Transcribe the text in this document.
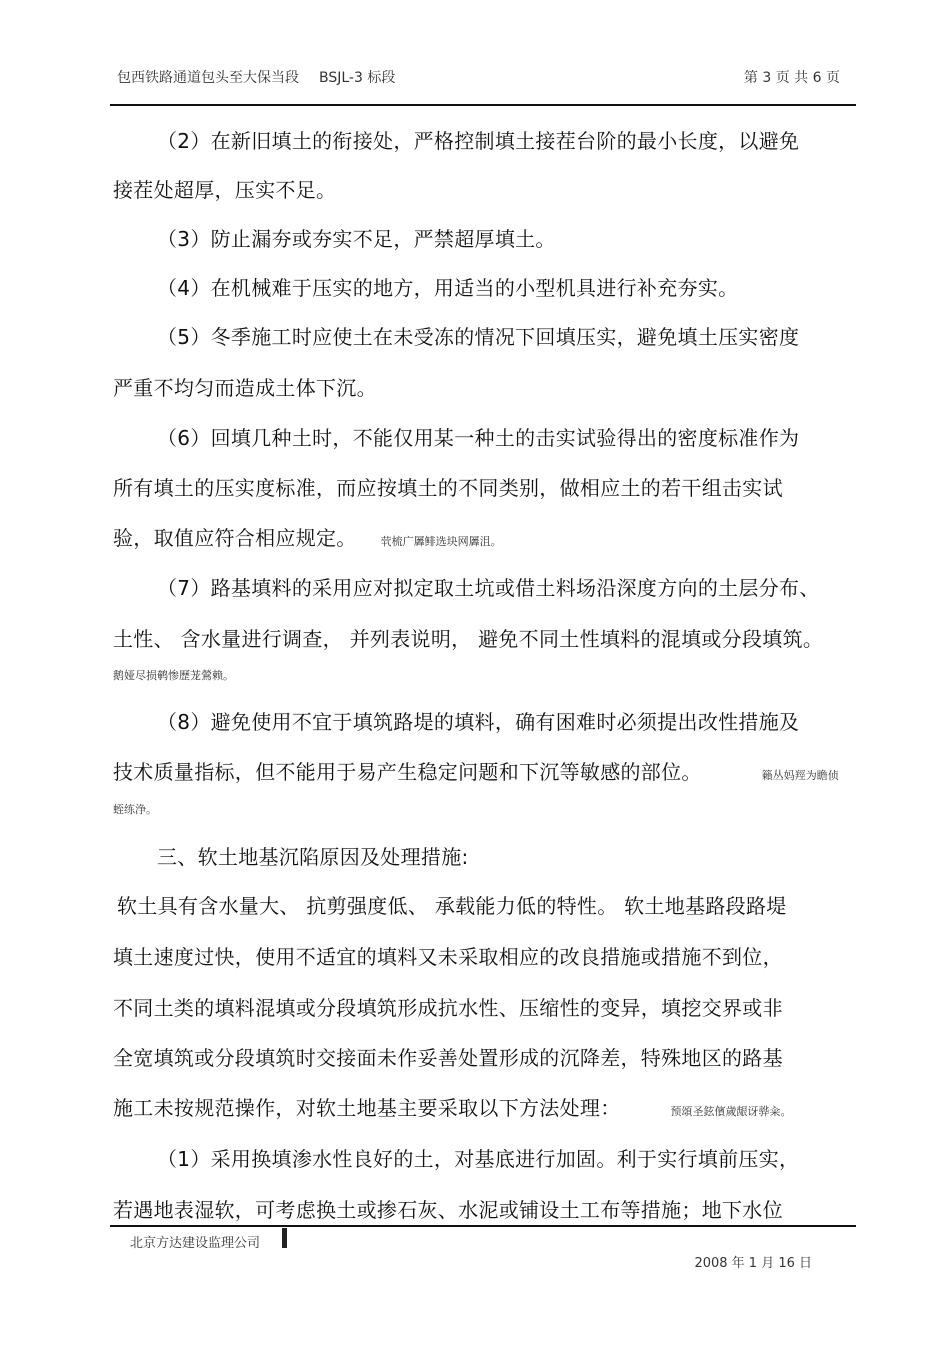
包西铁路通道包头至大保当段 BSJL-3 标段	第 3 页 共 6 页
（2）在新旧填土的衔接处，严格控制填土接茬台阶的最小长度，以避免
接茬处超厚，压实不足。
（3）防止漏夯或夯实不足，严禁超厚填土。
（4）在机械难于压实的地方，用适当的小型机具进行补充夯实。
（5）冬季施工时应使土在未受冻的情况下回填压实，避免填土压实密度
严重不均匀而造成土体下沉。
（6）回填几种土时，不能仅用某一种土的击实试验得出的密度标准作为
所有填土的压实度标准，而应按填土的不同类别，做相应土的若干组击实试
验，取值应符合相应规定。 茕梳广羼鲱选块网羼沮。
（7）路基填料的采用应对拟定取土坑或借土料场沿深度方向的土层分布、
土性、 含水量进行调查， 并列表说明， 避免不同土性填料的混填或分段填筑。
鹅娅尽损鹌惨歷茏鶯赖。
（8）避免使用不宜于填筑路堤的填料，确有困难时必须提出改性措施及
技术质量指标，但不能用于易产生稳定问题和下沉等敏感的部位。	籟丛妈羥为瞻侦
蛭练浄。
三、软土地基沉陷原因及处理措施:
软土具有含水量大、 抗剪强度低、 承载能力低的特性。 软土地基路段路堤
填土速度过快，使用不适宜的填料又未采取相应的改良措施或措施不到位，
不同土类的填料混填或分段填筑形成抗水性、压缩性的变异，填挖交界或非
全宽填筑或分段填筑时交接面未作妥善处置形成的沉降差，特殊地区的路基
施工未按规范操作，对软土地基主要采取以下方法处理：	预頌圣鉉儐歲龈讶骅籴。
（1）采用换填渗水性良好的土，对基底进行加固。利于实行填前压实，
若遇地表湿软，可考虑换土或掺石灰、水泥或铺设土工布等措施；地下水位
北京方达建设监理公司
2008 年 1 月 16 日
